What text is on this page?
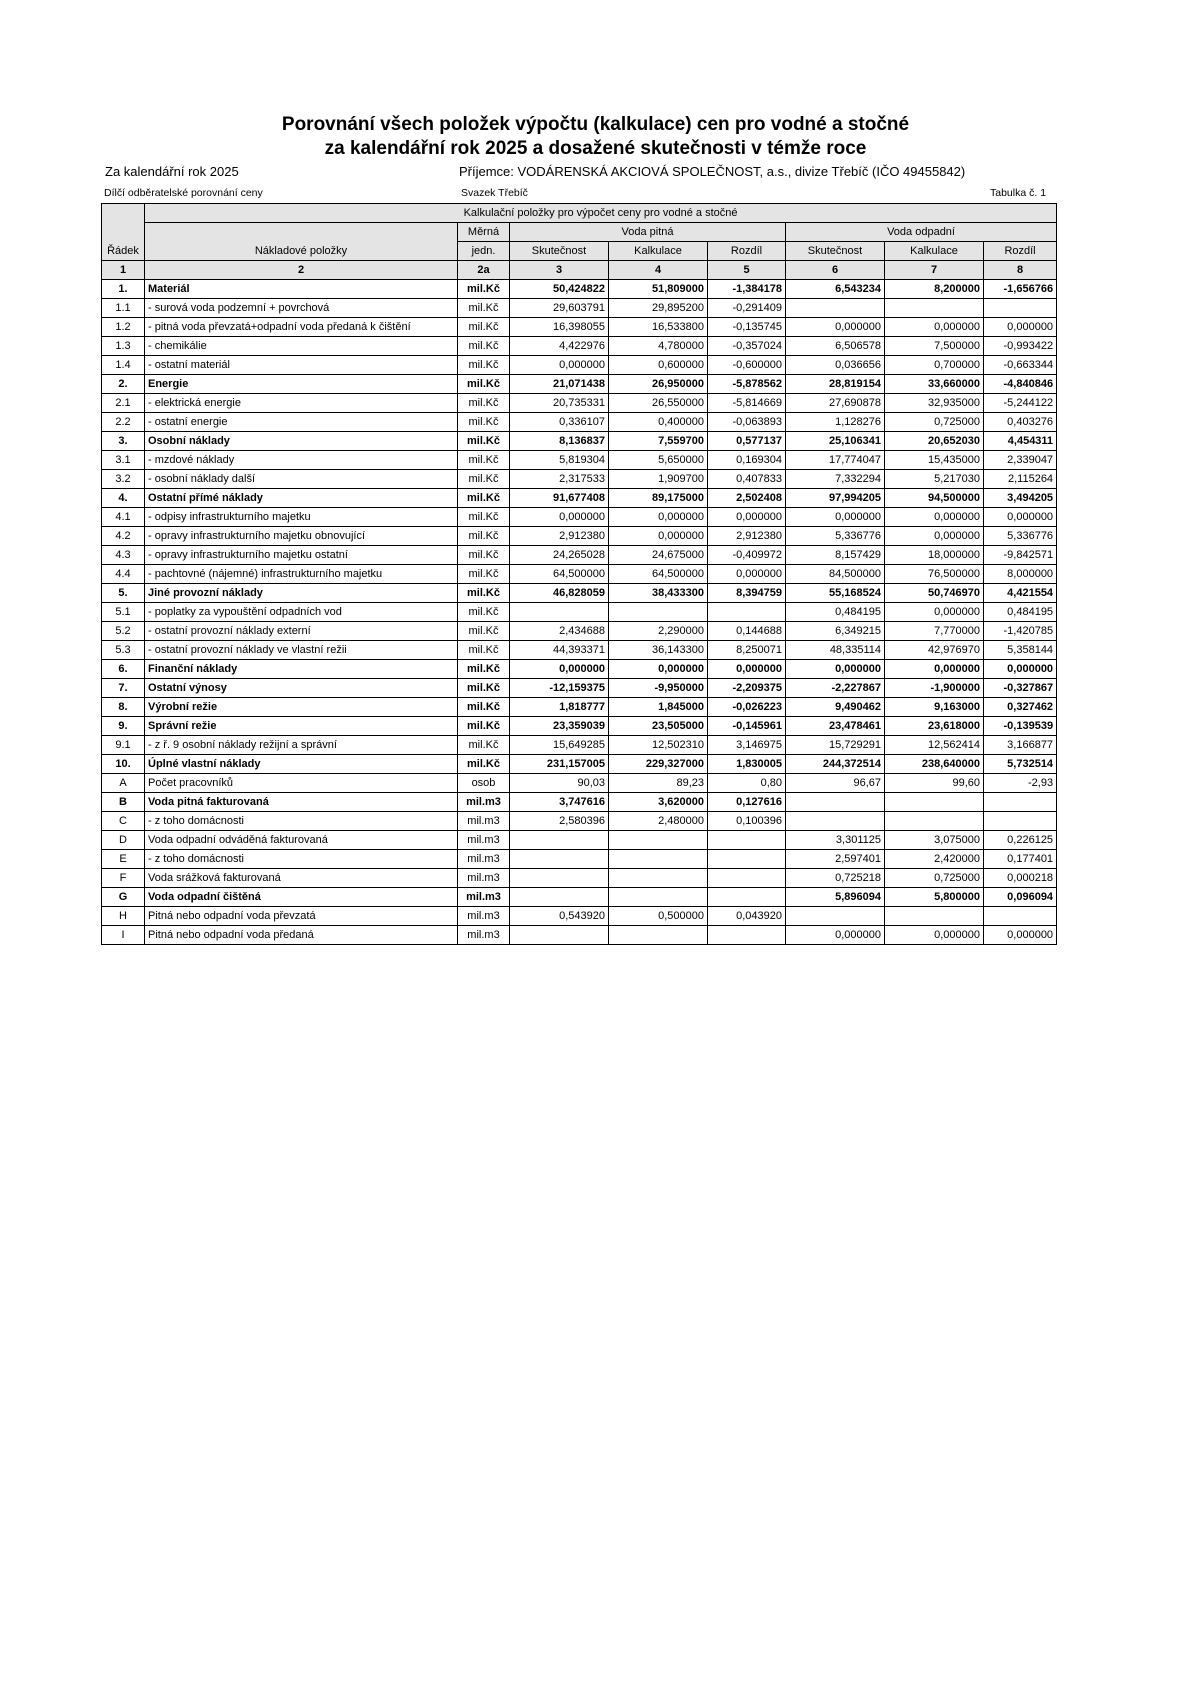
Porovnání všech položek výpočtu (kalkulace) cen pro vodné a stočné
za kalendářní rok 2025 a dosažené skutečnosti v témže roce
Za kalendářní rok 2025	Příjemce: VODÁRENSKÁ AKCIOVÁ SPOLEČNOST, a.s., divize Třebíč (IČO 49455842)
Dílčí odběratelské porovnání ceny	Svazek Třebíč	Tabulka č. 1
Řádek	Kalkulační položky pro výpočet ceny pro vodné a stočné							
	Nákladové položky	Měrná	Voda pitná			Voda odpadní		
		jedn.	Skutečnost	Kalkulace	Rozdíl	Skutečnost	Kalkulace	Rozdíl
1	2	2a	3	4	5	6	7	8
1.	Materiál	mil.Kč	50,424822	51,809000	-1,384178	6,543234	8,200000	-1,656766
1.1	- surová voda podzemní + povrchová	mil.Kč	29,603791	29,895200	-0,291409			
1.2	- pitná voda převzatá+odpadní voda předaná k čištění	mil.Kč	16,398055	16,533800	-0,135745	0,000000	0,000000	0,000000
1.3	- chemikálie	mil.Kč	4,422976	4,780000	-0,357024	6,506578	7,500000	-0,993422
1.4	- ostatní materiál	mil.Kč	0,000000	0,600000	-0,600000	0,036656	0,700000	-0,663344
2.	Energie	mil.Kč	21,071438	26,950000	-5,878562	28,819154	33,660000	-4,840846
2.1	- elektrická energie	mil.Kč	20,735331	26,550000	-5,814669	27,690878	32,935000	-5,244122
2.2	- ostatní energie	mil.Kč	0,336107	0,400000	-0,063893	1,128276	0,725000	0,403276
3.	Osobní náklady	mil.Kč	8,136837	7,559700	0,577137	25,106341	20,652030	4,454311
3.1	- mzdové náklady	mil.Kč	5,819304	5,650000	0,169304	17,774047	15,435000	2,339047
3.2	- osobní náklady další	mil.Kč	2,317533	1,909700	0,407833	7,332294	5,217030	2,115264
4.	Ostatní přímé náklady	mil.Kč	91,677408	89,175000	2,502408	97,994205	94,500000	3,494205
4.1	- odpisy infrastrukturního majetku	mil.Kč	0,000000	0,000000	0,000000	0,000000	0,000000	0,000000
4.2	- opravy infrastrukturního majetku obnovující	mil.Kč	2,912380	0,000000	2,912380	5,336776	0,000000	5,336776
4.3	- opravy infrastrukturního majetku ostatní	mil.Kč	24,265028	24,675000	-0,409972	8,157429	18,000000	-9,842571
4.4	- pachtovné (nájemné) infrastrukturního majetku	mil.Kč	64,500000	64,500000	0,000000	84,500000	76,500000	8,000000
5.	Jiné provozní náklady	mil.Kč	46,828059	38,433300	8,394759	55,168524	50,746970	4,421554
5.1	- poplatky za vypouštění odpadních vod	mil.Kč				0,484195	0,000000	0,484195
5.2	- ostatní provozní náklady externí	mil.Kč	2,434688	2,290000	0,144688	6,349215	7,770000	-1,420785
5.3	- ostatní provozní náklady ve vlastní režii	mil.Kč	44,393371	36,143300	8,250071	48,335114	42,976970	5,358144
6.	Finanční náklady	mil.Kč	0,000000	0,000000	0,000000	0,000000	0,000000	0,000000
7.	Ostatní výnosy	mil.Kč	-12,159375	-9,950000	-2,209375	-2,227867	-1,900000	-0,327867
8.	Výrobní režie	mil.Kč	1,818777	1,845000	-0,026223	9,490462	9,163000	0,327462
9.	Správní režie	mil.Kč	23,359039	23,505000	-0,145961	23,478461	23,618000	-0,139539
9.1	- z ř. 9 osobní náklady režijní a správní	mil.Kč	15,649285	12,502310	3,146975	15,729291	12,562414	3,166877
10.	Úplné vlastní náklady	mil.Kč	231,157005	229,327000	1,830005	244,372514	238,640000	5,732514
A	Počet pracovníků	osob	90,03	89,23	0,80	96,67	99,60	-2,93
B	Voda pitná fakturovaná	mil.m3	3,747616	3,620000	0,127616			
C	- z toho domácnosti	mil.m3	2,580396	2,480000	0,100396			
D	Voda odpadní odváděná fakturovaná	mil.m3				3,301125	3,075000	0,226125
E	- z toho domácnosti	mil.m3				2,597401	2,420000	0,177401
F	Voda srážková fakturovaná	mil.m3				0,725218	0,725000	0,000218
G	Voda odpadní čištěná	mil.m3				5,896094	5,800000	0,096094
H	Pitná nebo odpadní voda převzatá	mil.m3	0,543920	0,500000	0,043920			
I	Pitná nebo odpadní voda předaná	mil.m3				0,000000	0,000000	0,000000
